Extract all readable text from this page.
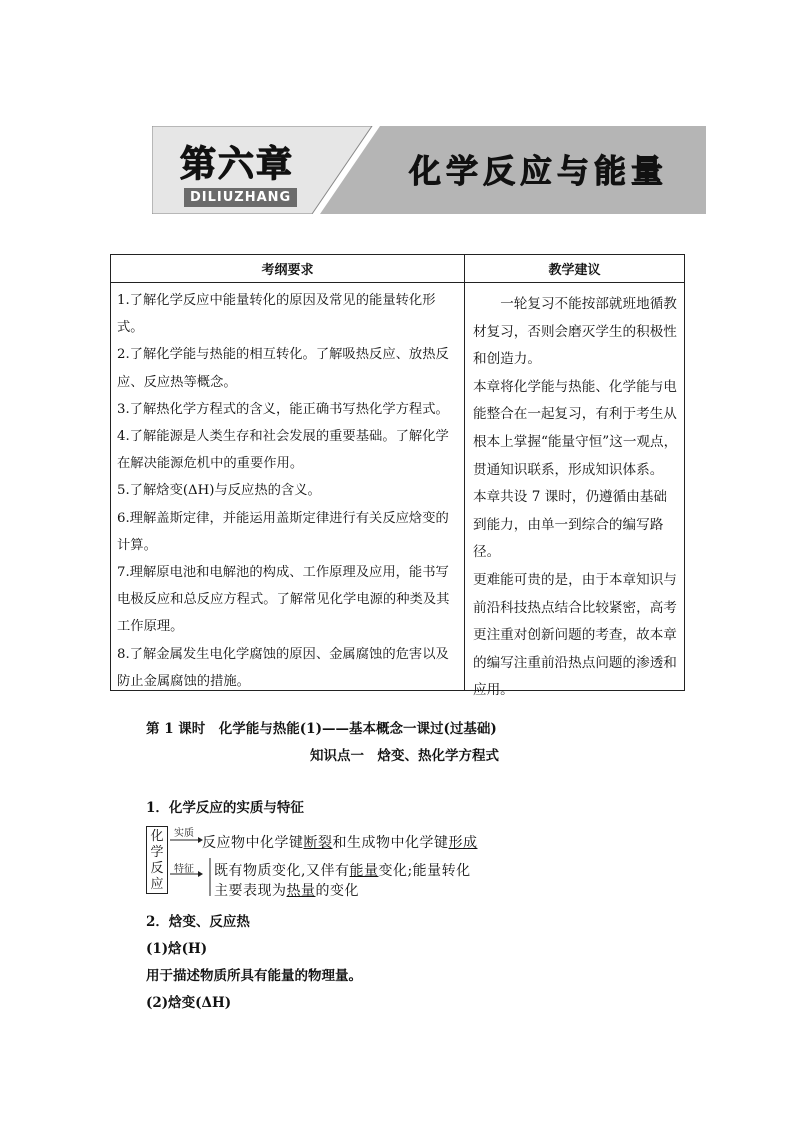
第六章
DILIUZHANG
化学反应与能量
考纲要求	教学建议

1.了解化学反应中能量转化的原因及常见的能量转化形式。

2.了解化学能与热能的相互转化。了解吸热反应、放热反应、反应热等概念。

3.了解热化学方程式的含义，能正确书写热化学方程式。

4.了解能源是人类生存和社会发展的重要基础。了解化学在解决能源危机中的重要作用。

5.了解焓变(ΔH)与反应热的含义。

6.理解盖斯定律，并能运用盖斯定律进行有关反应焓变的计算。

7.理解原电池和电解池的构成、工作原理及应用，能书写电极反应和总反应方程式。了解常见化学电源的种类及其工作原理。

8.了解金属发生电化学腐蚀的原因、金属腐蚀的危害以及防止金属腐蚀的措施。

一轮复习不能按部就班地循教材复习，否则会磨灭学生的积极性和创造力。

本章将化学能与热能、化学能与电能整合在一起复习，有利于考生从根本上掌握“能量守恒”这一观点，贯通知识联系，形成知识体系。

本章共设 7 课时，仍遵循由基础到能力，由单一到综合的编写路径。

更难能可贵的是，由于本章知识与前沿科技热点结合比较紧密，高考更注重对创新问题的考查，故本章的编写注重前沿热点问题的渗透和应用。

第 1 课时　化学能与热能(1)——基本概念一课过(过基础)
知识点一　焓变、热化学方程式
1．化学反应的实质与特征
化
学
反
应
实质
特征
反应物中化学键断裂和生成物中化学键形成
既有物质变化,又伴有能量变化;能量转化
主要表现为热量的变化
2．焓变、反应热
(1)焓(H)
用于描述物质所具有能量的物理量。
(2)焓变(ΔH)
